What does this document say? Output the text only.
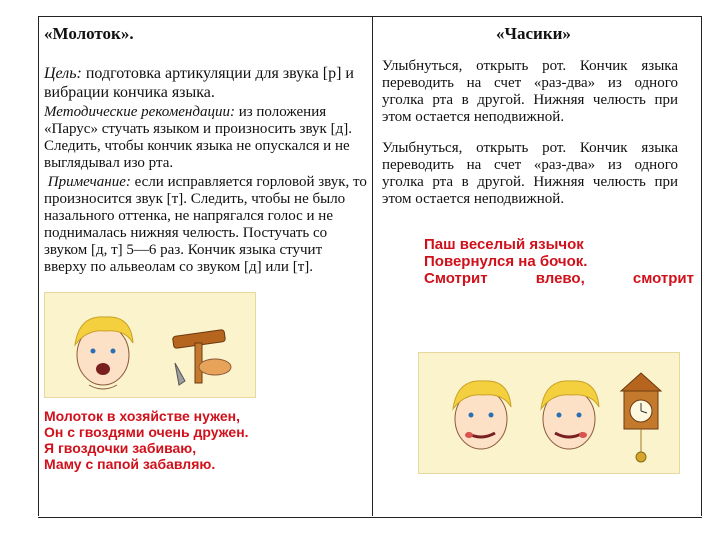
«Молоток».

Цель: подготовка артикуляции для звука [р] и вибрации кончика языка.

Методические рекомендации: из положения «Парус» стучать языком и произносить звук [д]. Следить, чтобы кончик языка не опускался и не выглядывал изо рта.

Примечание: если исправляется горловой звук, то произносится звук [т]. Следить, чтобы не было назального оттенка, не напрягался голос и не поднималась нижняя челюсть. Постучать со звуком [д, т] 5—6 раз. Кончик языка стучит вверху по альвеолам со звуком [д] или [т].

Молоток в хозяйстве нужен,
Он с гвоздями очень дружен.
Я гвоздочки забиваю,
Маму с папой забавляю.
«Часики»

Улыбнуться, открыть рот. Кончик языка переводить на счет «раз-два» из одного уголка рта в другой. Нижняя челюсть при этом остается неподвижной.

Улыбнуться, открыть рот. Кончик языка переводить на счет «раз-два» из одного уголка рта в другой. Нижняя челюсть при этом остается неподвижной.

Паш веселый язычок
Повернулся на бочок.
Смотрит влево, смотрит
